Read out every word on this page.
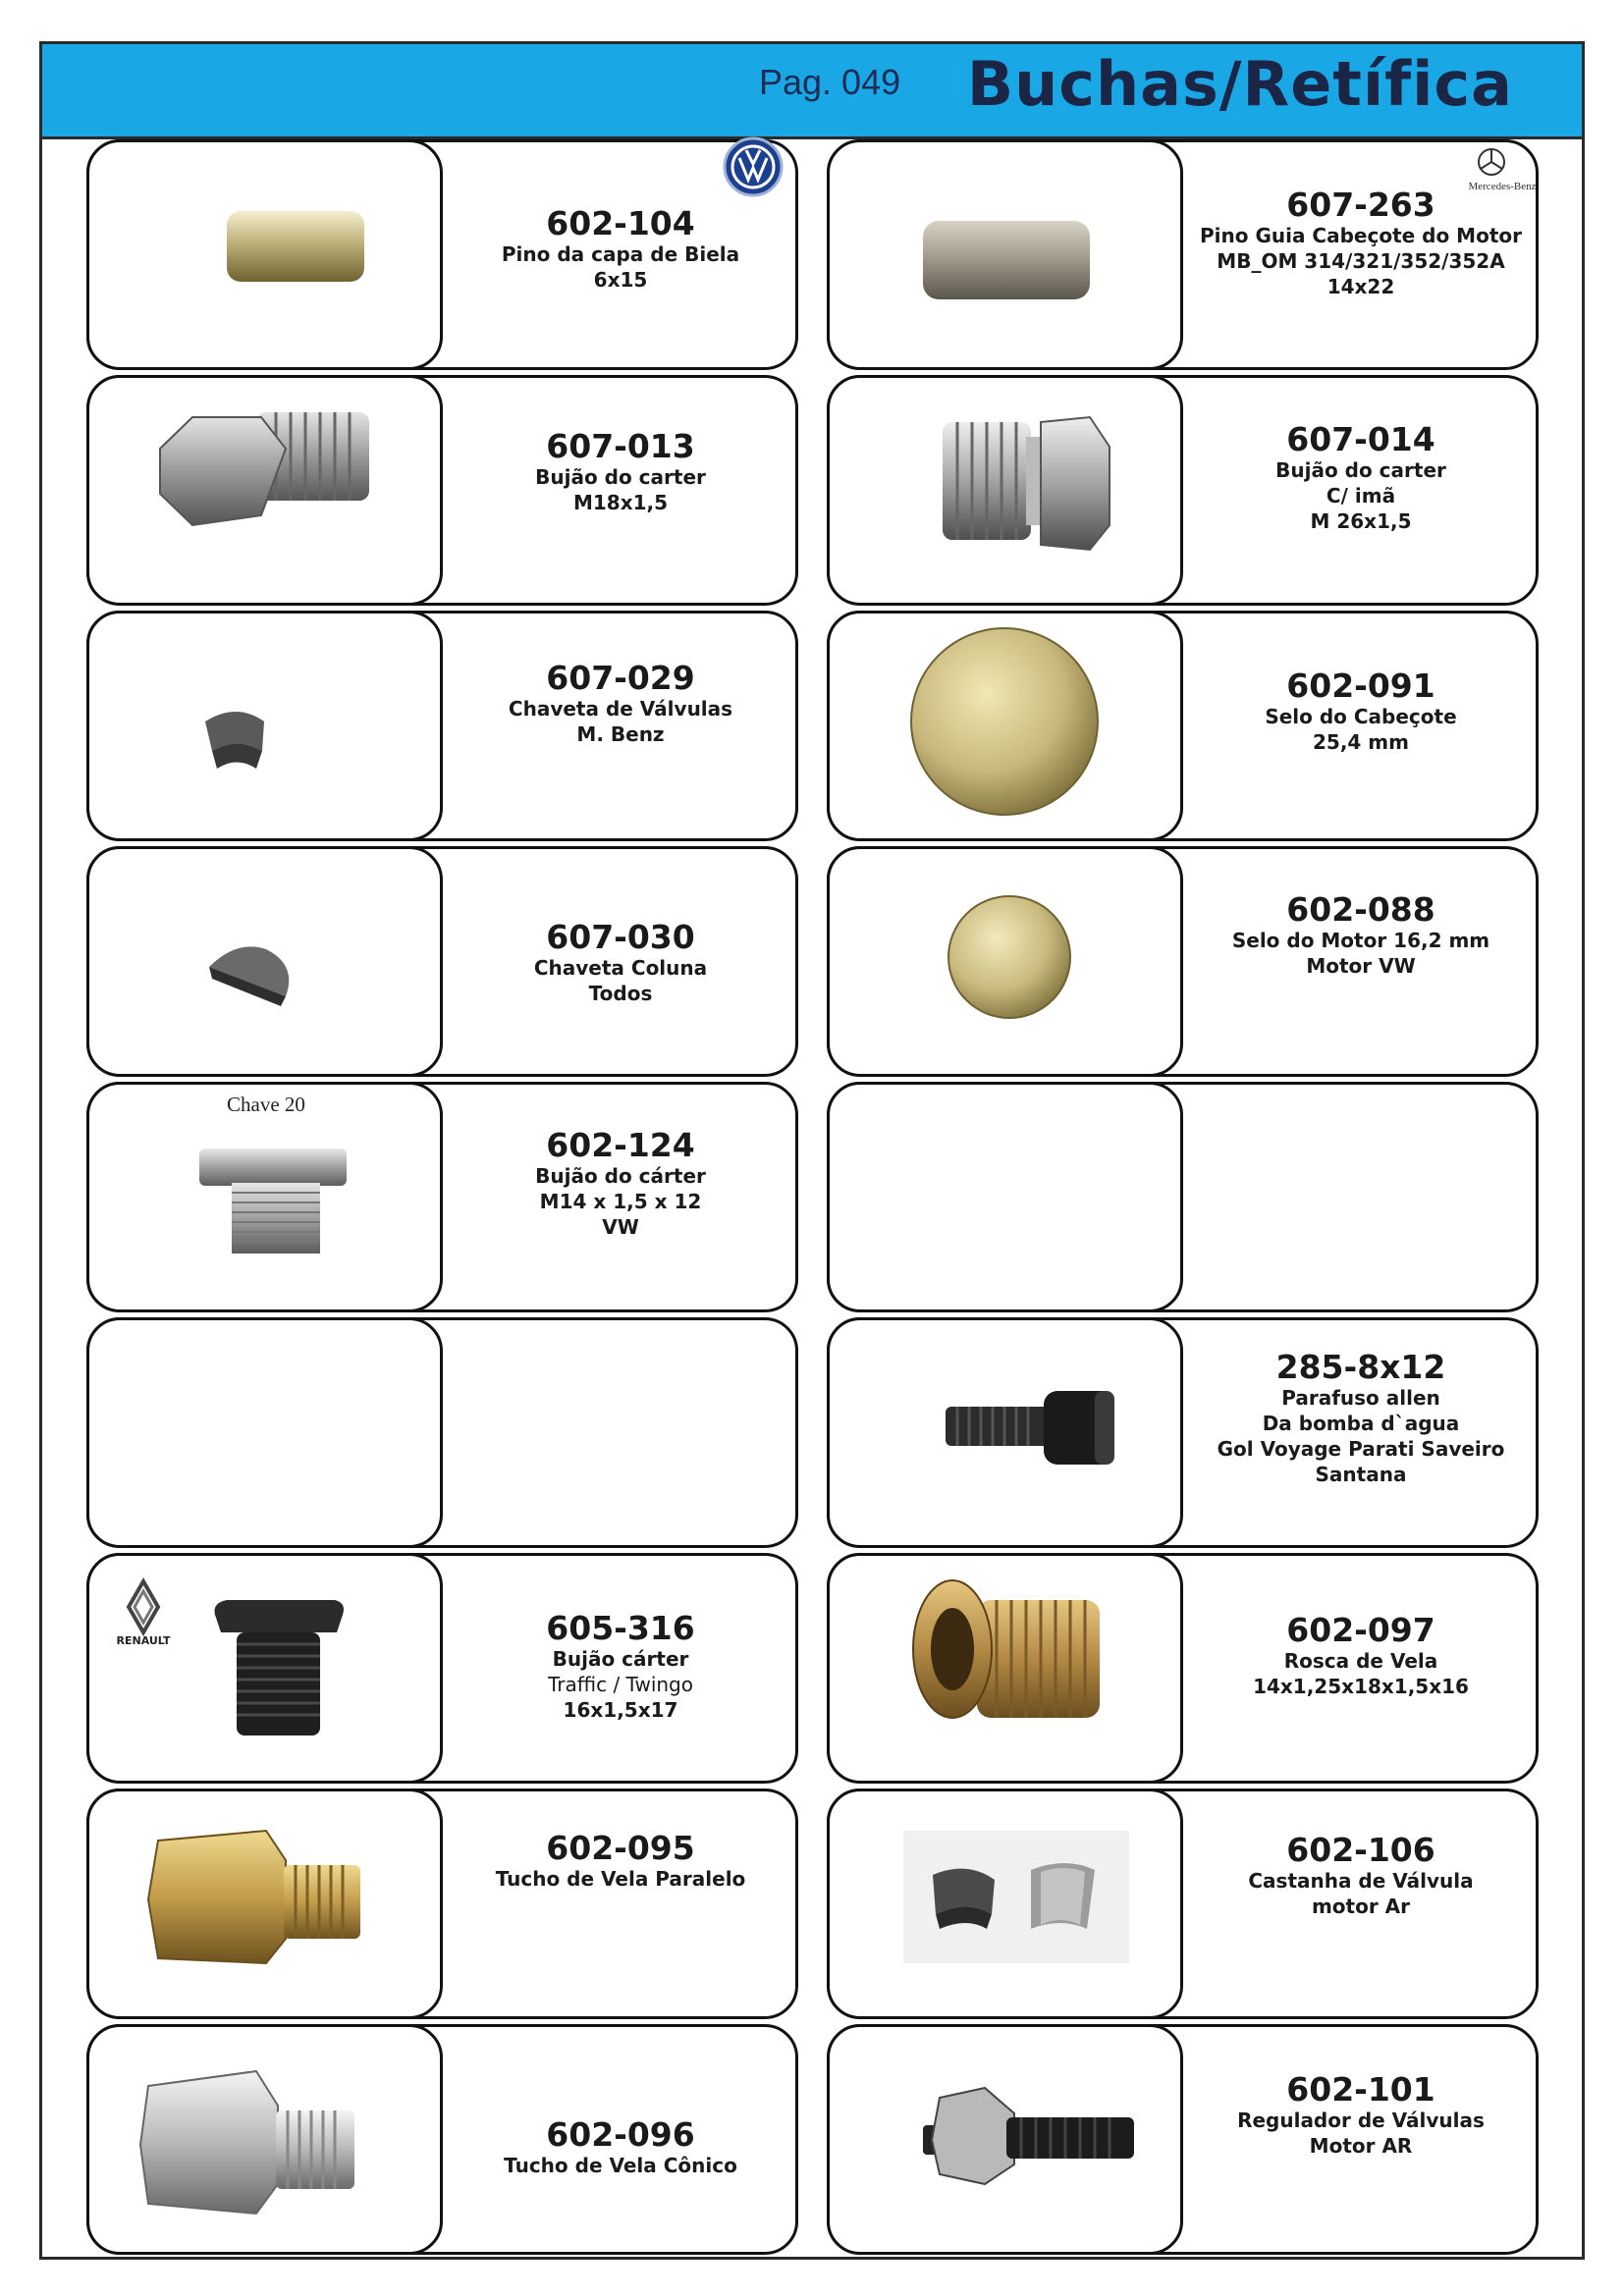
Pag. 049 Buchas/Retífica
602-104
Pino da capa de Biela
6x15
Mercedes-Benz
607-263
Pino Guia Cabeçote do Motor
MB_OM 314/321/352/352A
14x22
607-013
Bujão do carter
M18x1,5
607-014
Bujão do carter
C/ imã
M 26x1,5
607-029
Chaveta de Válvulas
M. Benz
602-091
Selo do Cabeçote
25,4 mm
607-030
Chaveta Coluna
Todos
602-088
Selo do Motor 16,2 mm
Motor VW
Chave 20
602-124
Bujão do cárter
M14 x 1,5 x 12
VW
285-8x12
Parafuso allen
Da bomba d`agua
Gol Voyage Parati Saveiro
Santana
RENAULT	605-316
Bujão cárter
Traffic / Twingo
16x1,5x17
602-097
Rosca de Vela
14x1,25x18x1,5x16
602-095
Tucho de Vela Paralelo
602-106
Castanha de Válvula
motor Ar
602-096
Tucho de Vela Cônico
602-101
Regulador de Válvulas
Motor AR
